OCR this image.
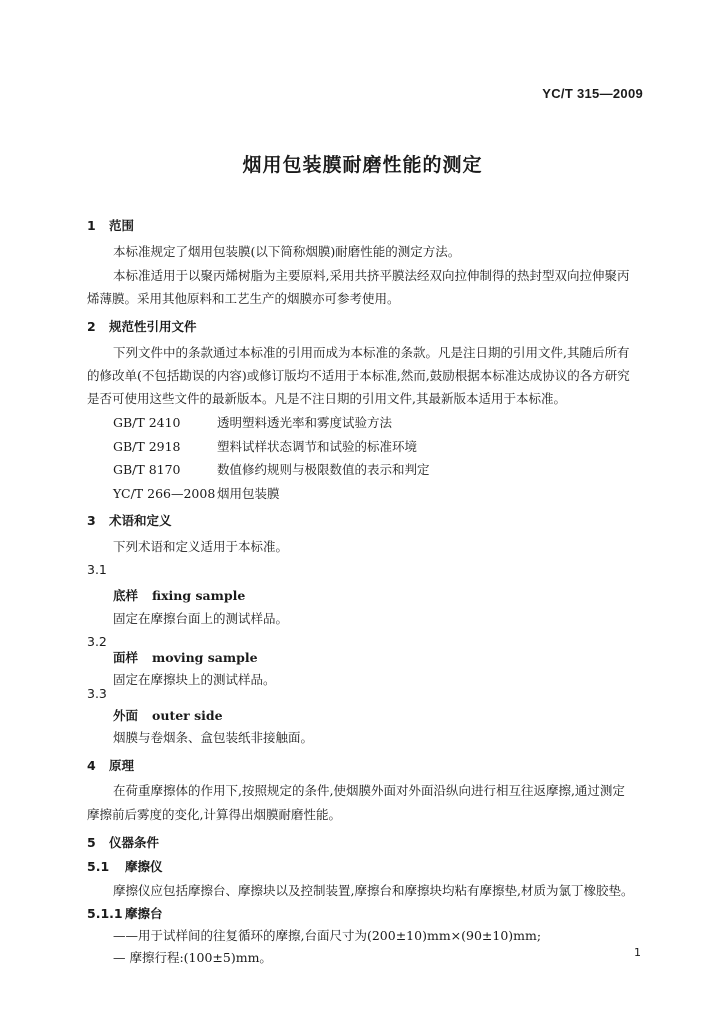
YC/T 315—2009
烟用包装膜耐磨性能的测定
1 范围
本标准规定了烟用包装膜(以下简称烟膜)耐磨性能的测定方法。
本标准适用于以聚丙烯树脂为主要原料,采用共挤平膜法经双向拉伸制得的热封型双向拉伸聚丙
烯薄膜。采用其他原料和工艺生产的烟膜亦可参考使用。
2 规范性引用文件
下列文件中的条款通过本标准的引用而成为本标准的条款。凡是注日期的引用文件,其随后所有
的修改单(不包括勘误的内容)或修订版均不适用于本标准,然而,鼓励根据本标准达成协议的各方研究
是否可使用这些文件的最新版本。凡是不注日期的引用文件,其最新版本适用于本标准。
GB/T 2410	透明塑料透光率和雾度试验方法
GB/T 2918	塑料试样状态调节和试验的标准环境
GB/T 8170	数值修约规则与极限数值的表示和判定
YC/T 266—2008 烟用包装膜
3 术语和定义
下列术语和定义适用于本标准。
3.1
底样 fixing sample
固定在摩擦台面上的测试样品。
3.2
面样 moving sample
固定在摩擦块上的测试样品。
3.3
外面 outer side
烟膜与卷烟条、盒包装纸非接触面。
4 原理
在荷重摩擦体的作用下,按照规定的条件,使烟膜外面对外面沿纵向进行相互往返摩擦,通过测定
摩擦前后雾度的变化,计算得出烟膜耐磨性能。
5 仪器条件
5.1 摩擦仪
摩擦仪应包括摩擦台、摩擦块以及控制装置,摩擦台和摩擦块均粘有摩擦垫,材质为氯丁橡胶垫。
5.1.1 摩擦台
——用于试样间的往复循环的摩擦,台面尺寸为(200±10)mm×(90±10)mm;
— 摩擦行程:(100±5)mm。	1
